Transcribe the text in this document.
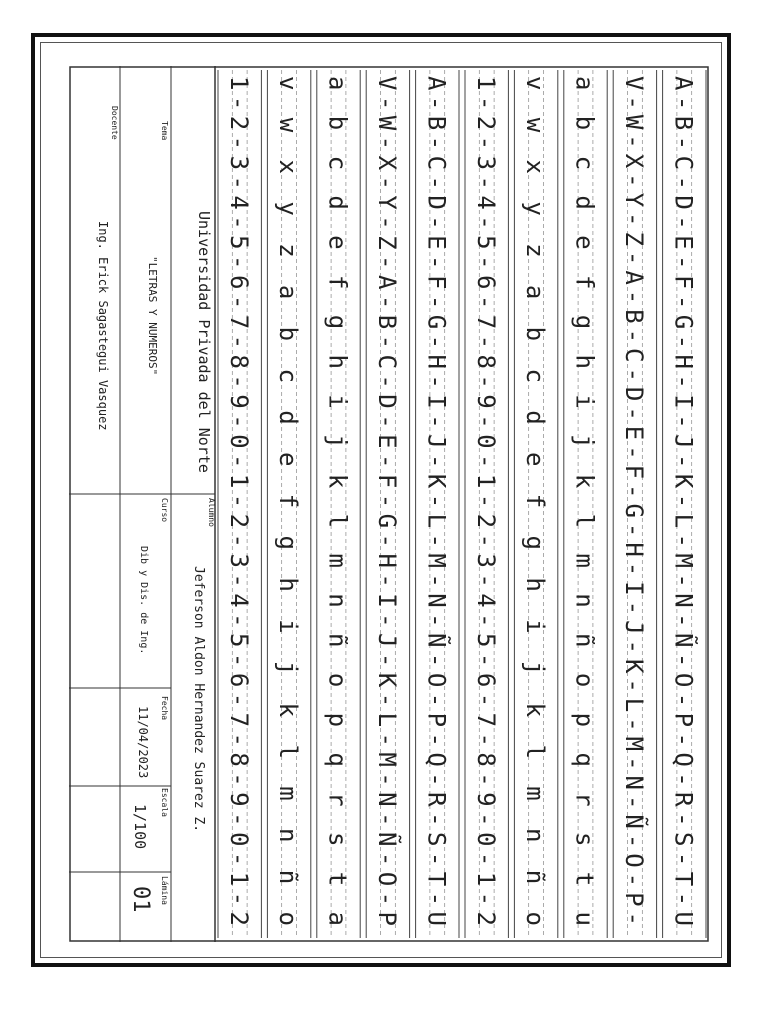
A-B-C-D-E-F-G-H-I-J-K-L-M-N-Ñ-O-P-Q-R-S-T-U
V-W-X-Y-Z-A-B-C-D-E-F-G-H-I-J-K-L-M-N-Ñ-O-P-
a b c d e f g h i j k l m n ñ o p q r s t u
v w x y z a b c d e f g h i j k l m n ñ o
1-2-3-4-5-6-7-8-9-0-1-2-3-4-5-6-7-8-9-0-1-2
A-B-C-D-E-F-G-H-I-J-K-L-M-N-Ñ-O-P-Q-R-S-T-U
V-W-X-Y-Z-A-B-C-D-E-F-G-H-I-J-K-L-M-N-Ñ-O-P
a b c d e f g h i j k l m n ñ o p q r s t a
v w x y z a b c d e f g h i j k l m n ñ o
1-2-3-4-5-6-7-8-9-0-1-2-3-4-5-6-7-8-9-0-1-2
Tema
"LETRAS Y NUMEROS"
Docente
Ing. Erick Sagastegui Vasquez	Universidad Privada del Norte
Alumno
Jeferson Aldon Hernandez Suarez Z.
Curso
Dib y Dis. de Ing.
Fecha
11/04/2023
Escala
1/100
Lámina
01
